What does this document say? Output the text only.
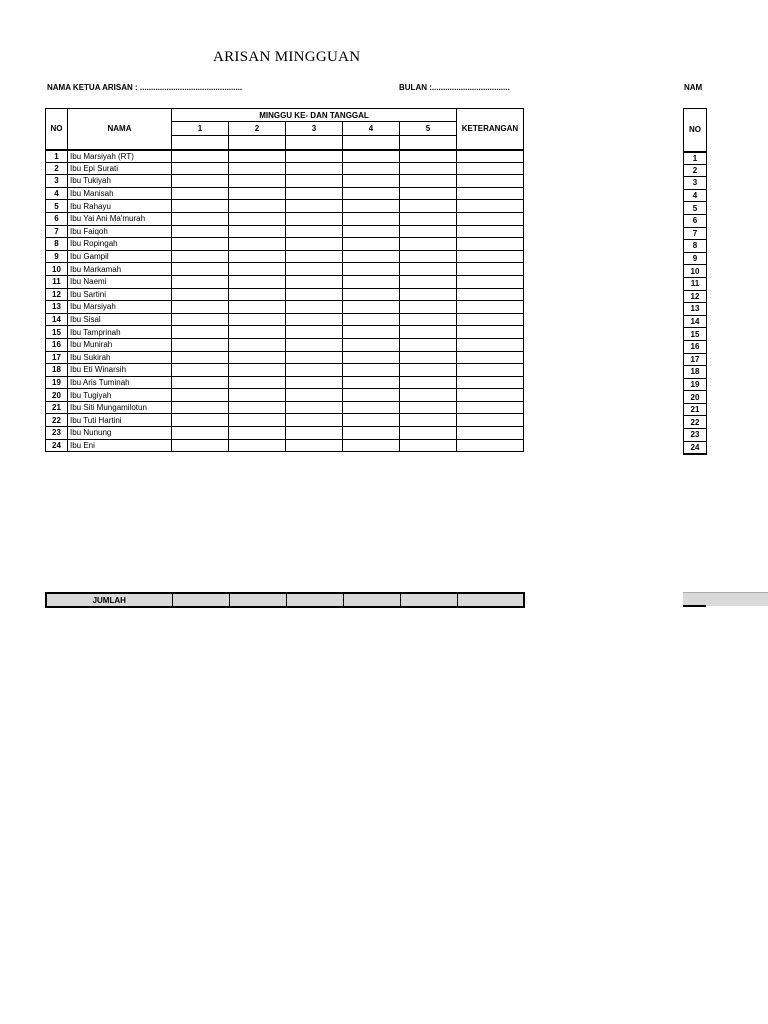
ARISAN MINGGUAN
NAMA KETUA ARISAN : ..............................................	BULAN :...................................	NAM
NO	NAMA	MINGGU KE- DAN TANGGAL					KETERANGAN
		1	2	3	4	5	

1	Ibu Marsiyah (RT)						
2	Ibu Epi Surati						
3	Ibu Tukiyah						
4	Ibu Manisah						
5	Ibu Rahayu						
6	Ibu Yai Ani Ma'murah						
7	Ibu Faiqoh						
8	Ibu Ropingah						
9	Ibu Gampil						
10	Ibu Markamah						
11	Ibu Naemi						
12	Ibu Sartini						
13	Ibu Marsiyah						
14	Ibu Sisal						
15	Ibu Tamprinah						
16	Ibu Munirah						
17	Ibu Sukirah						
18	Ibu Eti Winarsih						
19	Ibu Aris Tuminah						
20	Ibu Tugiyah						
21	Ibu Siti Mungamilotun						
22	Ibu Tuti Hartini						
23	Ibu Nunung						
24	Ibu Eni						
NO
1
2
3
4
5
6
7
8
9
10
11
12
13
14
15
16
17
18
19
20
21
22
23
24
JUMLAH						
